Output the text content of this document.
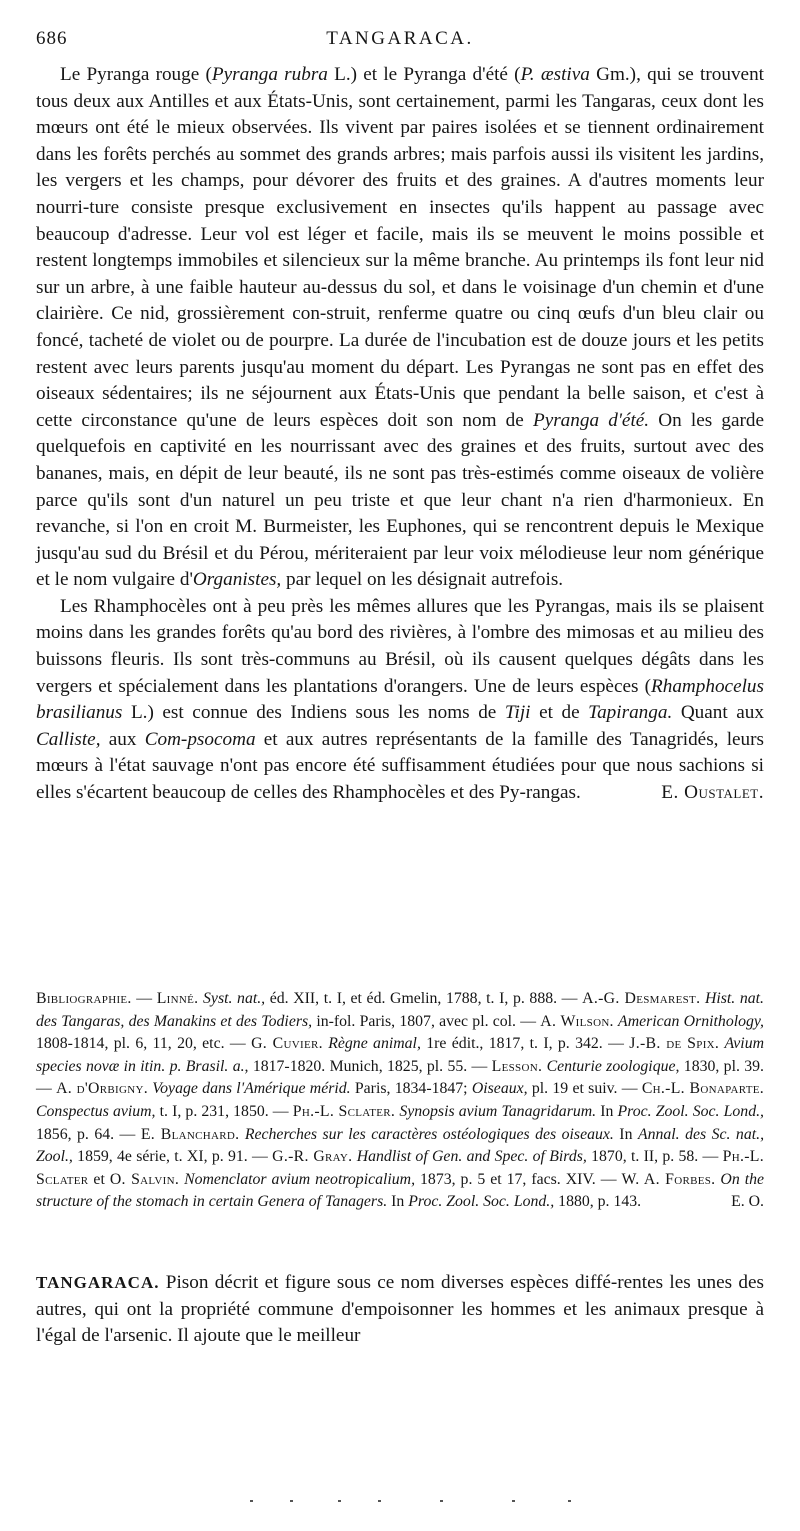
686	TANGARACA.

Le Pyranga rouge (Pyranga rubra L.) et le Pyranga d'été (P. æstiva Gm.), qui se trouvent tous deux aux Antilles et aux États-Unis, sont certainement, parmi les Tangaras, ceux dont les mœurs ont été le mieux observées. Ils vivent par paires isolées et se tiennent ordinairement dans les forêts perchés au sommet des grands arbres; mais parfois aussi ils visitent les jardins, les vergers et les champs, pour dévorer des fruits et des graines. A d'autres moments leur nourri-ture consiste presque exclusivement en insectes qu'ils happent au passage avec beaucoup d'adresse. Leur vol est léger et facile, mais ils se meuvent le moins possible et restent longtemps immobiles et silencieux sur la même branche. Au printemps ils font leur nid sur un arbre, à une faible hauteur au-dessus du sol, et dans le voisinage d'un chemin et d'une clairière. Ce nid, grossièrement con-struit, renferme quatre ou cinq œufs d'un bleu clair ou foncé, tacheté de violet ou de pourpre. La durée de l'incubation est de douze jours et les petits restent avec leurs parents jusqu'au moment du départ. Les Pyrangas ne sont pas en effet des oiseaux sédentaires; ils ne séjournent aux États-Unis que pendant la belle saison, et c'est à cette circonstance qu'une de leurs espèces doit son nom de Pyranga d'été. On les garde quelquefois en captivité en les nourrissant avec des graines et des fruits, surtout avec des bananes, mais, en dépit de leur beauté, ils ne sont pas très-estimés comme oiseaux de volière parce qu'ils sont d'un naturel un peu triste et que leur chant n'a rien d'harmonieux. En revanche, si l'on en croit M. Burmeister, les Euphones, qui se rencontrent depuis le Mexique jusqu'au sud du Brésil et du Pérou, mériteraient par leur voix mélodieuse leur nom générique et le nom vulgaire d'Organistes, par lequel on les désignait autrefois.

Les Rhamphocèles ont à peu près les mêmes allures que les Pyrangas, mais ils se plaisent moins dans les grandes forêts qu'au bord des rivières, à l'ombre des mimosas et au milieu des buissons fleuris. Ils sont très-communs au Brésil, où ils causent quelques dégâts dans les vergers et spécialement dans les plantations d'orangers. Une de leurs espèces (Rhamphocelus brasilianus L.) est connue des Indiens sous les noms de Tiji et de Tapiranga. Quant aux Calliste, aux Com-psocoma et aux autres représentants de la famille des Tanagridés, leurs mœurs à l'état sauvage n'ont pas encore été suffisamment étudiées pour que nous sachions si elles s'écartent beaucoup de celles des Rhamphocèles et des Py-rangas.	E. Oustalet.

Bibliographie. — Linné. Syst. nat., éd. XII, t. I, et éd. Gmelin, 1788, t. I, p. 888. — A.-G. Desmarest. Hist. nat. des Tangaras, des Manakins et des Todiers, in-fol. Paris, 1807, avec pl. col. — A. Wilson. American Ornithology, 1808-1814, pl. 6, 11, 20, etc. — G. Cuvier. Règne animal, 1re édit., 1817, t. I, p. 342. — J.-B. de Spix. Avium species novæ in itin. p. Brasil. a., 1817-1820. Munich, 1825, pl. 55. — Lesson. Centurie zoologique, 1830, pl. 39. — A. d'Orbigny. Voyage dans l'Amérique mérid. Paris, 1834-1847; Oiseaux, pl. 19 et suiv. — Ch.-L. Bonaparte. Conspectus avium, t. I, p. 231, 1850. — Ph.-L. Sclater. Synopsis avium Tanagridarum. In Proc. Zool. Soc. Lond., 1856, p. 64. — E. Blanchard. Recherches sur les caractères ostéologiques des oiseaux. In Annal. des Sc. nat., Zool., 1859, 4e série, t. XI, p. 91. — G.-R. Gray. Handlist of Gen. and Spec. of Birds, 1870, t. II, p. 58. — Ph.-L. Sclater et O. Salvin. Nomenclator avium neotropicalium, 1873, p. 5 et 17, facs. XIV. — W. A. Forbes. On the structure of the stomach in certain Genera of Tanagers. In Proc. Zool. Soc. Lond., 1880, p. 143.	E. O.

TANGARACA. Pison décrit et figure sous ce nom diverses espèces diffé-rentes les unes des autres, qui ont la propriété commune d'empoisonner les hommes et les animaux presque à l'égal de l'arsenic. Il ajoute que le meilleur
